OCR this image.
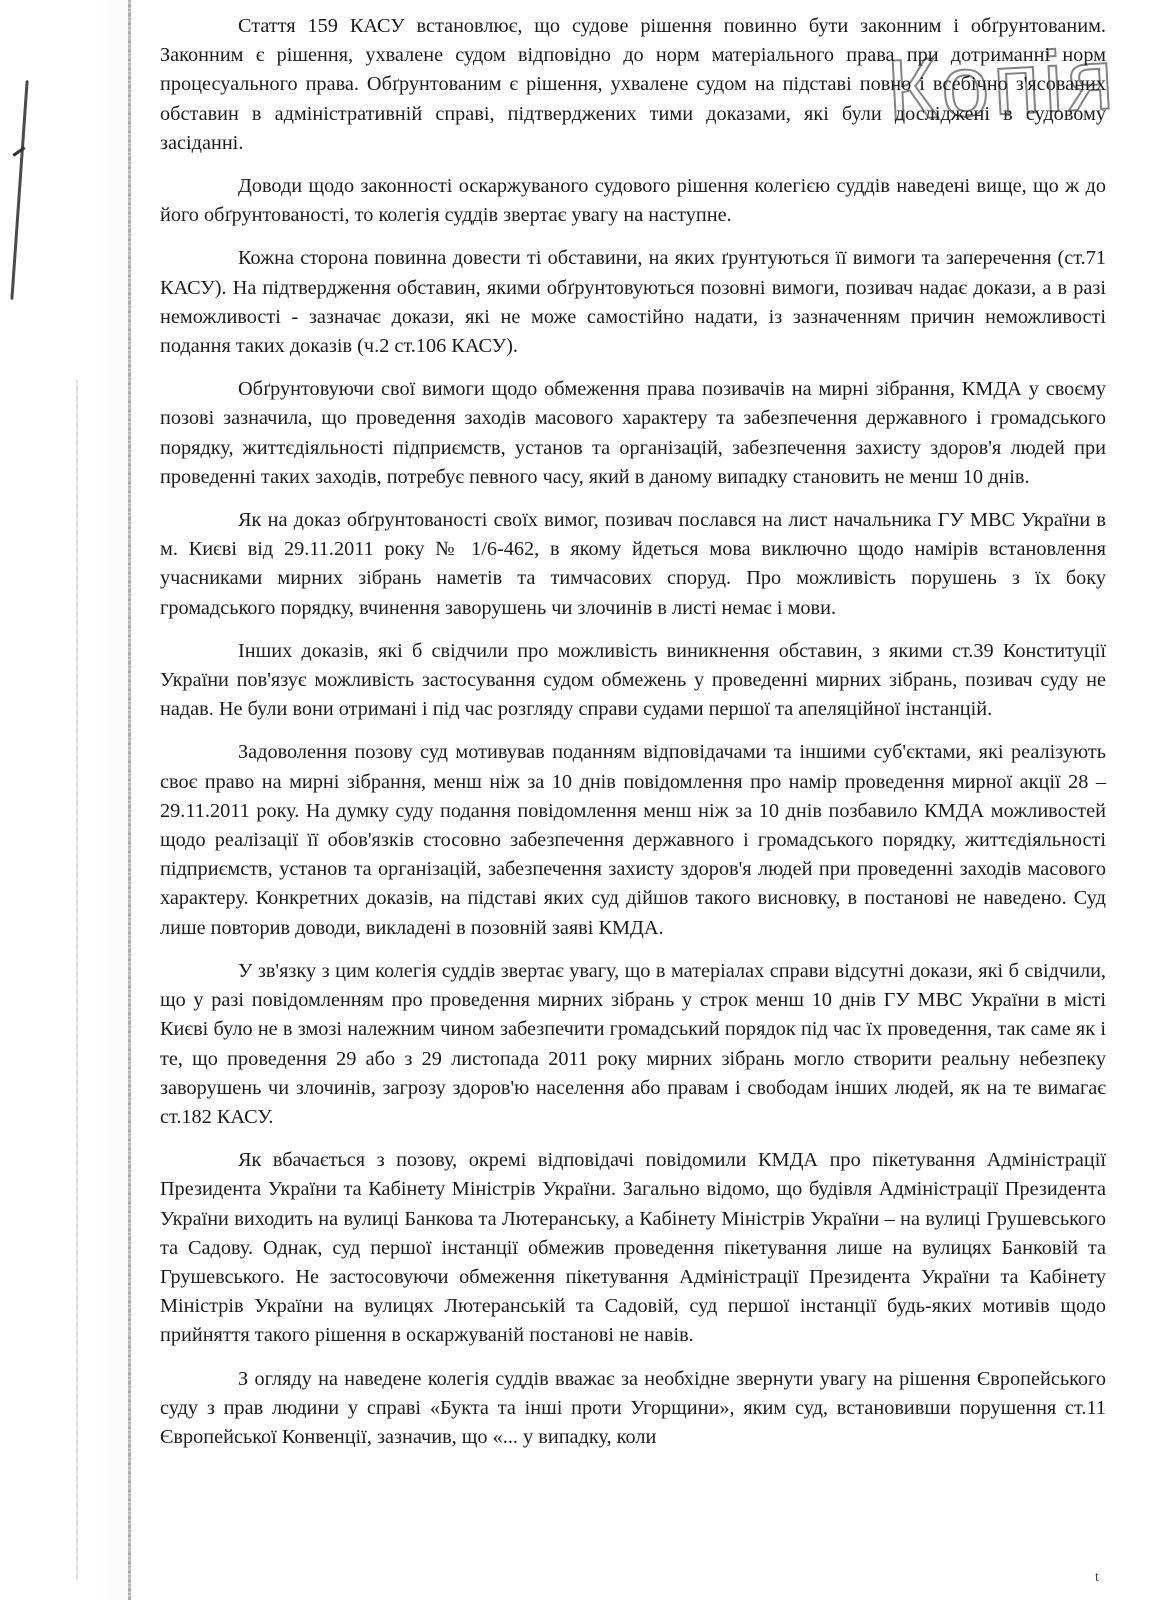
Копія

Стаття 159 КАСУ встановлює, що судове рішення повинно бути законним і обґрунтованим. Законним є рішення, ухвалене судом відповідно до норм матеріального права при дотриманні норм процесуального права. Обґрунтованим є рішення, ухвалене судом на підставі повно і всебічно з'ясованих обставин в адміністративній справі, підтверджених тими доказами, які були досліджені в судовому засіданні.

Доводи щодо законності оскаржуваного судового рішення колегією суддів наведені вище, що ж до його обґрунтованості, то колегія суддів звертає увагу на наступне.

Кожна сторона повинна довести ті обставини, на яких ґрунтуються її вимоги та заперечення (ст.71 КАСУ). На підтвердження обставин, якими обґрунтовуються позовні вимоги, позивач надає докази, а в разі неможливості - зазначає докази, які не може самостійно надати, із зазначенням причин неможливості подання таких доказів (ч.2 ст.106 КАСУ).

Обґрунтовуючи свої вимоги щодо обмеження права позивачів на мирні зібрання, КМДА у своєму позові зазначила, що проведення заходів масового характеру та забезпечення державного і громадського порядку, життєдіяльності підприємств, установ та організацій, забезпечення захисту здоров'я людей при проведенні таких заходів, потребує певного часу, який в даному випадку становить не менш 10 днів.

Як на доказ обґрунтованості своїх вимог, позивач послався на лист начальника ГУ МВС України в м. Києві від 29.11.2011 року № 1/6-462, в якому йдеться мова виключно щодо намірів встановлення учасниками мирних зібрань наметів та тимчасових споруд. Про можливість порушень з їх боку громадського порядку, вчинення заворушень чи злочинів в листі немає і мови.

Інших доказів, які б свідчили про можливість виникнення обставин, з якими ст.39 Конституції України пов'язує можливість застосування судом обмежень у проведенні мирних зібрань, позивач суду не надав. Не були вони отримані і під час розгляду справи судами першої та апеляційної інстанцій.

Задоволення позову суд мотивував поданням відповідачами та іншими суб'єктами, які реалізують своє право на мирні зібрання, менш ніж за 10 днів повідомлення про намір проведення мирної акції 28 – 29.11.2011 року. На думку суду подання повідомлення менш ніж за 10 днів позбавило КМДА можливостей щодо реалізації її обов'язків стосовно забезпечення державного і громадського порядку, життєдіяльності підприємств, установ та організацій, забезпечення захисту здоров'я людей при проведенні заходів масового характеру. Конкретних доказів, на підставі яких суд дійшов такого висновку, в постанові не наведено. Суд лише повторив доводи, викладені в позовній заяві КМДА.

У зв'язку з цим колегія суддів звертає увагу, що в матеріалах справи відсутні докази, які б свідчили, що у разі повідомленням про проведення мирних зібрань у строк менш 10 днів ГУ МВС України в місті Києві було не в змозі належним чином забезпечити громадський порядок під час їх проведення, так саме як і те, що проведення 29 або з 29 листопада 2011 року мирних зібрань могло створити реальну небезпеку заворушень чи злочинів, загрозу здоров'ю населення або правам і свободам інших людей, як на те вимагає ст.182 КАСУ.

Як вбачається з позову, окремі відповідачі повідомили КМДА про пікетування Адміністрації Президента України та Кабінету Міністрів України. Загально відомо, що будівля Адміністрації Президента України виходить на вулиці Банкова та Лютеранську, а Кабінету Міністрів України – на вулиці Грушевського та Садову. Однак, суд першої інстанції обмежив проведення пікетування лише на вулицях Банковій та Грушевського. Не застосовуючи обмеження пікетування Адміністрації Президента України та Кабінету Міністрів України на вулицях Лютеранській та Садовій, суд першої інстанції будь-яких мотивів щодо прийняття такого рішення в оскаржуваній постанові не навів.

З огляду на наведене колегія суддів вважає за необхідне звернути увагу на рішення Європейського суду з прав людини у справі «Букта та інші проти Угорщини», яким суд, встановивши порушення ст.11 Європейської Конвенції, зазначив, що «... у випадку, коли

t
